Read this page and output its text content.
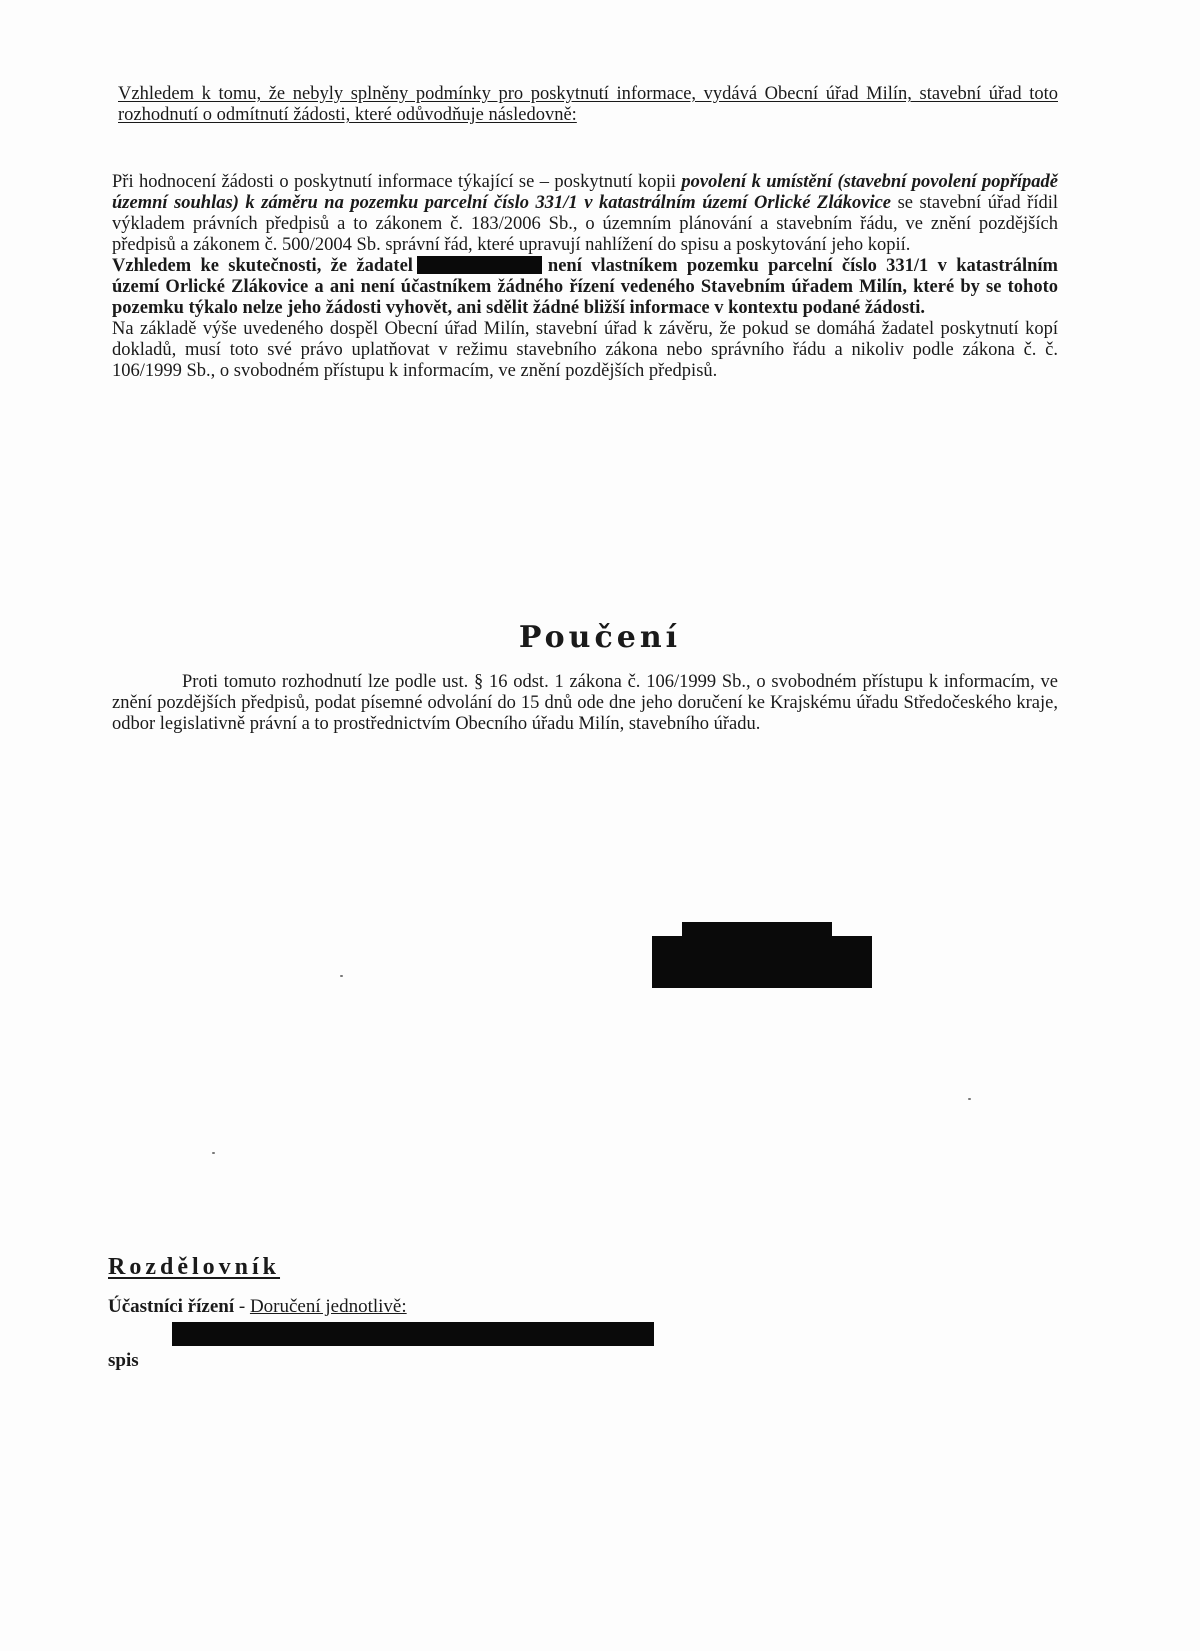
Vzhledem k tomu, že nebyly splněny podmínky pro poskytnutí informace, vydává Obecní úřad Milín, stavební úřad toto rozhodnutí o odmítnutí žádosti, které odůvodňuje následovně:

Při hodnocení žádosti o poskytnutí informace týkající se – poskytnutí kopii povolení k umístění (stavební povolení popřípadě územní souhlas) k záměru na pozemku parcelní číslo 331/1 v katastrálním území Orlické Zlákovice se stavební úřad řídil výkladem právních předpisů a to zákonem č. 183/2006 Sb., o územním plánování a stavebním řádu, ve znění pozdějších předpisů a zákonem č. 500/2004 Sb. správní řád, které upravují nahlížení do spisu a poskytování jeho kopií.

Vzhledem ke skutečnosti, že žadatel	není vlastníkem pozemku parcelní číslo 331/1 v katastrálním území Orlické Zlákovice a ani není účastníkem žádného řízení vedeného Stavebním úřadem Milín, které by se tohoto pozemku týkalo nelze jeho žádosti vyhovět, ani sdělit žádné bližší informace v kontextu podané žádosti.

Na základě výše uvedeného dospěl Obecní úřad Milín, stavební úřad k závěru, že pokud se domáhá žadatel poskytnutí kopí dokladů, musí toto své právo uplatňovat v režimu stavebního zákona nebo správního řádu a nikoliv podle zákona č. č. 106/1999 Sb., o svobodném přístupu k informacím, ve znění pozdějších předpisů.

Poučení
Proti tomuto rozhodnutí lze podle ust. § 16 odst. 1 zákona č. 106/1999 Sb., o svobodném přístupu k informacím, ve znění pozdějších předpisů, podat písemné odvolání do 15 dnů ode dne jeho doručení ke Krajskému úřadu Středočeského kraje, odbor legislativně právní a to prostřednictvím Obecního úřadu Milín, stavebního úřadu.
Rozdělovník
Účastníci řízení - Doručení jednotlivě:
spis
